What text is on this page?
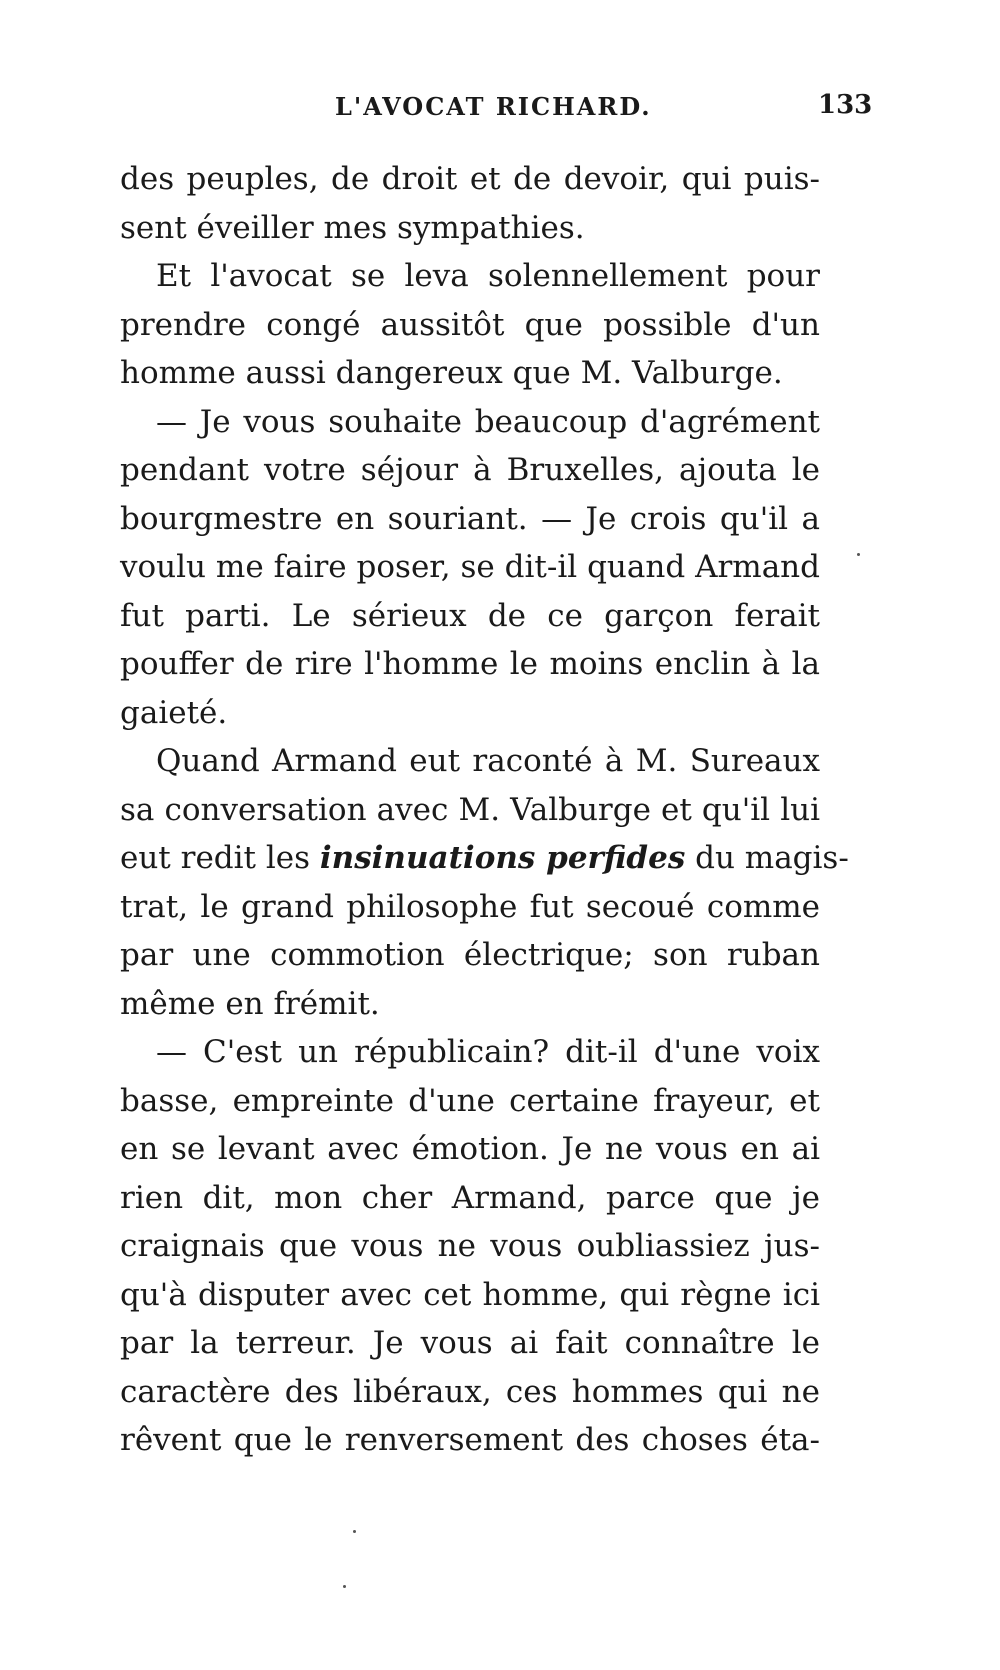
L'AVOCAT RICHARD.	133
des peuples, de droit et de devoir, qui puis-
sent éveiller mes sympathies.
Et l'avocat se leva solennellement pour
prendre congé aussitôt que possible d'un
homme aussi dangereux que M. Valburge.
— Je vous souhaite beaucoup d'agrément
pendant votre séjour à Bruxelles, ajouta le
bourgmestre en souriant. — Je crois qu'il a
voulu me faire poser, se dit-il quand Armand
fut parti. Le sérieux de ce garçon ferait
pouffer de rire l'homme le moins enclin à la
gaieté.
Quand Armand eut raconté à M. Sureaux
sa conversation avec M. Valburge et qu'il lui
eut redit les insinuations perfides du magis-
trat, le grand philosophe fut secoué comme
par une commotion électrique; son ruban
même en frémit.
— C'est un républicain? dit-il d'une voix
basse, empreinte d'une certaine frayeur, et
en se levant avec émotion. Je ne vous en ai
rien dit, mon cher Armand, parce que je
craignais que vous ne vous oubliassiez jus-
qu'à disputer avec cet homme, qui règne ici
par la terreur. Je vous ai fait connaître le
caractère des libéraux, ces hommes qui ne
rêvent que le renversement des choses éta-
